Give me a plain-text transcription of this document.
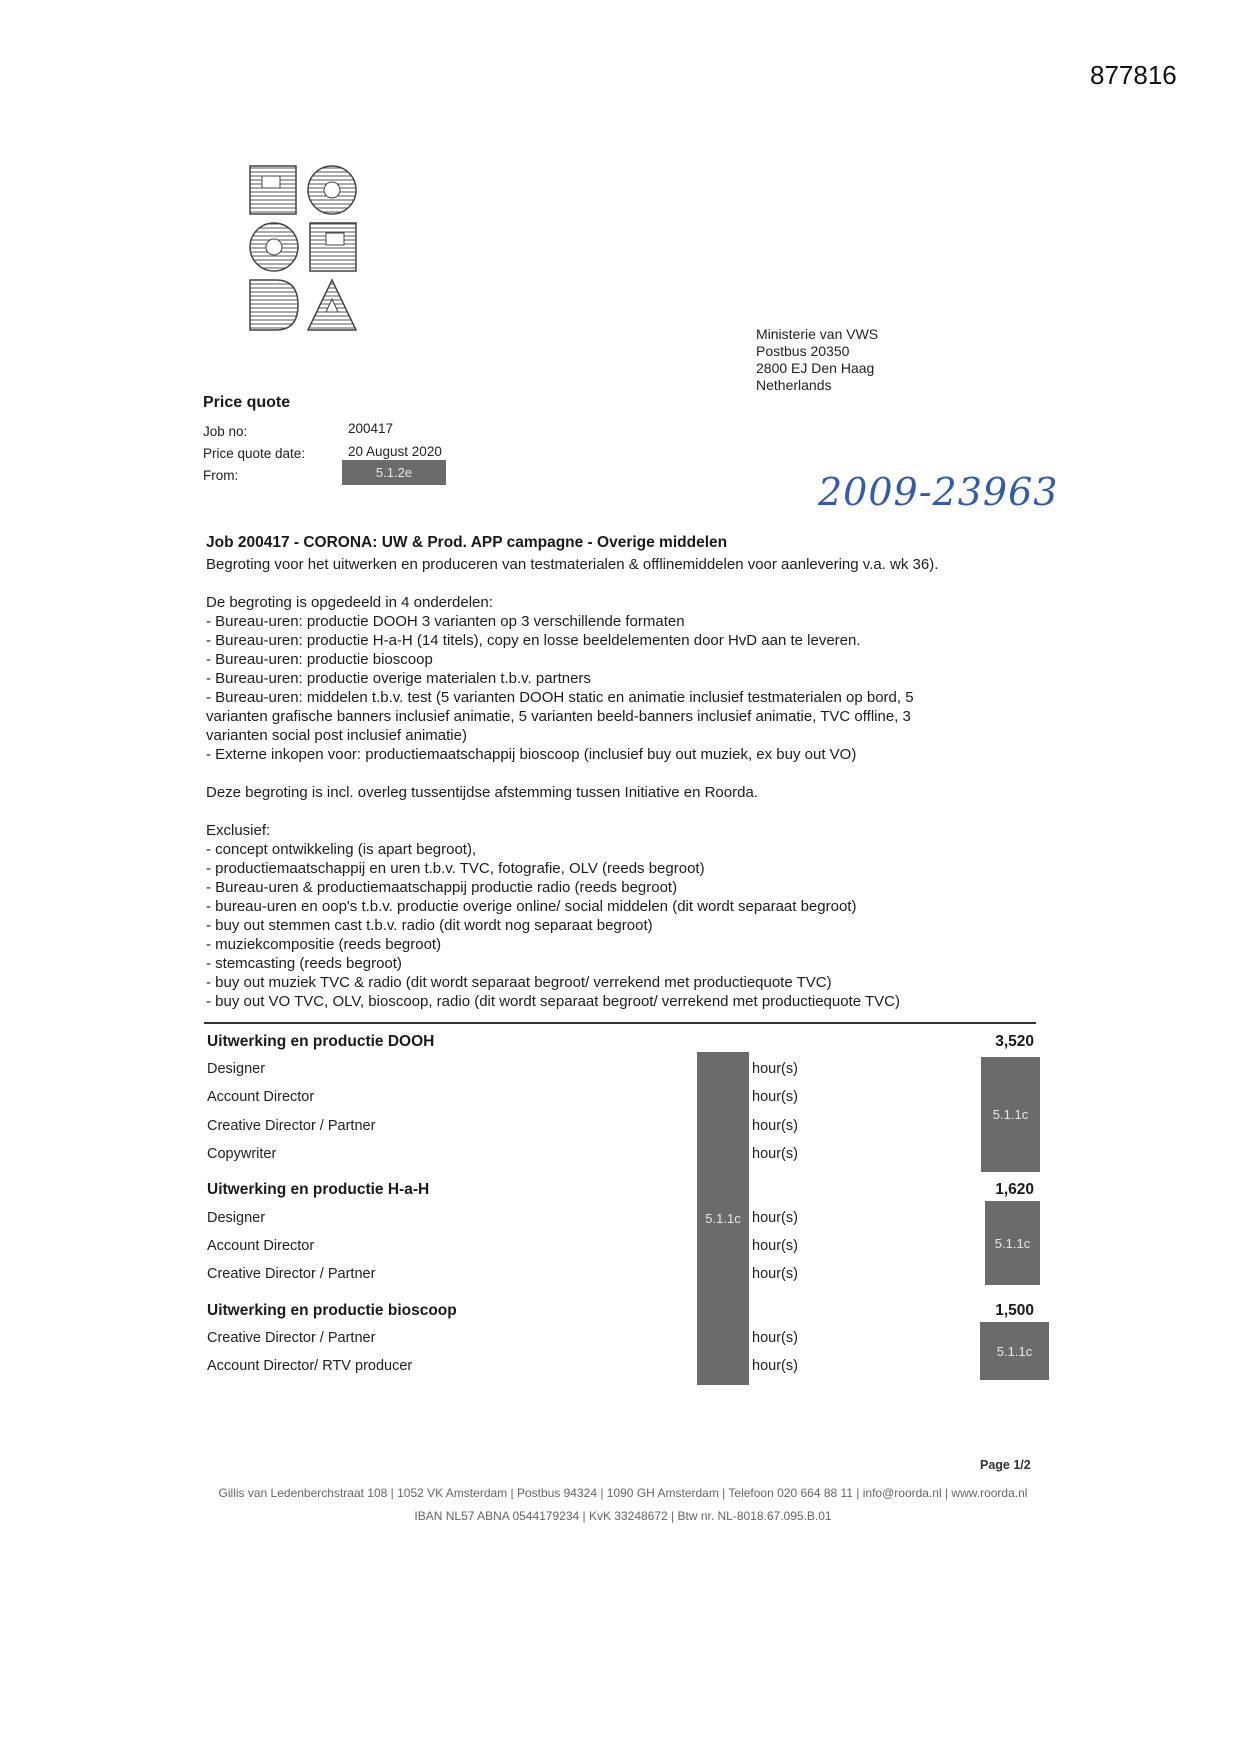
877816
Ministerie van VWS
Postbus 20350
2800 EJ Den Haag
Netherlands
Price quote
Job no:	200417
Price quote date:	20 August 2020
From:	5.1.2e	2009-23963
Job 200417 - CORONA: UW & Prod. APP campagne - Overige middelen
Begroting voor het uitwerken en produceren van testmaterialen & offlinemiddelen voor aanlevering v.a. wk 36).
De begroting is opgedeeld in 4 onderdelen:
- Bureau-uren: productie DOOH 3 varianten op 3 verschillende formaten
- Bureau-uren: productie H-a-H (14 titels), copy en losse beeldelementen door HvD aan te leveren.
- Bureau-uren: productie bioscoop
- Bureau-uren: productie overige materialen t.b.v. partners
- Bureau-uren: middelen t.b.v. test (5 varianten DOOH static en animatie inclusief testmaterialen op bord, 5
varianten grafische banners inclusief animatie, 5 varianten beeld-banners inclusief animatie, TVC offline, 3
varianten social post inclusief animatie)
- Externe inkopen voor: productiemaatschappij bioscoop (inclusief buy out muziek, ex buy out VO)
Deze begroting is incl. overleg tussentijdse afstemming tussen Initiative en Roorda.
Exclusief:
- concept ontwikkeling (is apart begroot),
- productiemaatschappij en uren t.b.v. TVC, fotografie, OLV (reeds begroot)
- Bureau-uren & productiemaatschappij productie radio (reeds begroot)
- bureau-uren en oop's t.b.v. productie overige online/ social middelen (dit wordt separaat begroot)
- buy out stemmen cast t.b.v. radio (dit wordt nog separaat begroot)
- muziekcompositie (reeds begroot)
- stemcasting (reeds begroot)
- buy out muziek TVC & radio (dit wordt separaat begroot/ verrekend met productiequote TVC)
- buy out VO TVC, OLV, bioscoop, radio (dit wordt separaat begroot/ verrekend met productiequote TVC)
5.1.1c
Uitwerking en productie DOOH	3,520
Designer	hour(s)
Account Director	hour(s)
Creative Director / Partner	hour(s)
Copywriter	hour(s)
5.1.1c
Uitwerking en productie H-a-H	1,620
Designer	hour(s)
Account Director	hour(s)
Creative Director / Partner	hour(s)
5.1.1c
Uitwerking en productie bioscoop	1,500
Creative Director / Partner	hour(s)
Account Director/ RTV producer	hour(s)
5.1.1c
Page 1/2
Gillis van Ledenberchstraat 108 | 1052 VK Amsterdam | Postbus 94324 | 1090 GH Amsterdam | Telefoon 020 664 88 11 | info@roorda.nl | www.roorda.nl
IBAN NL57 ABNA 0544179234 | KvK 33248672 | Btw nr. NL-8018.67.095.B.01
